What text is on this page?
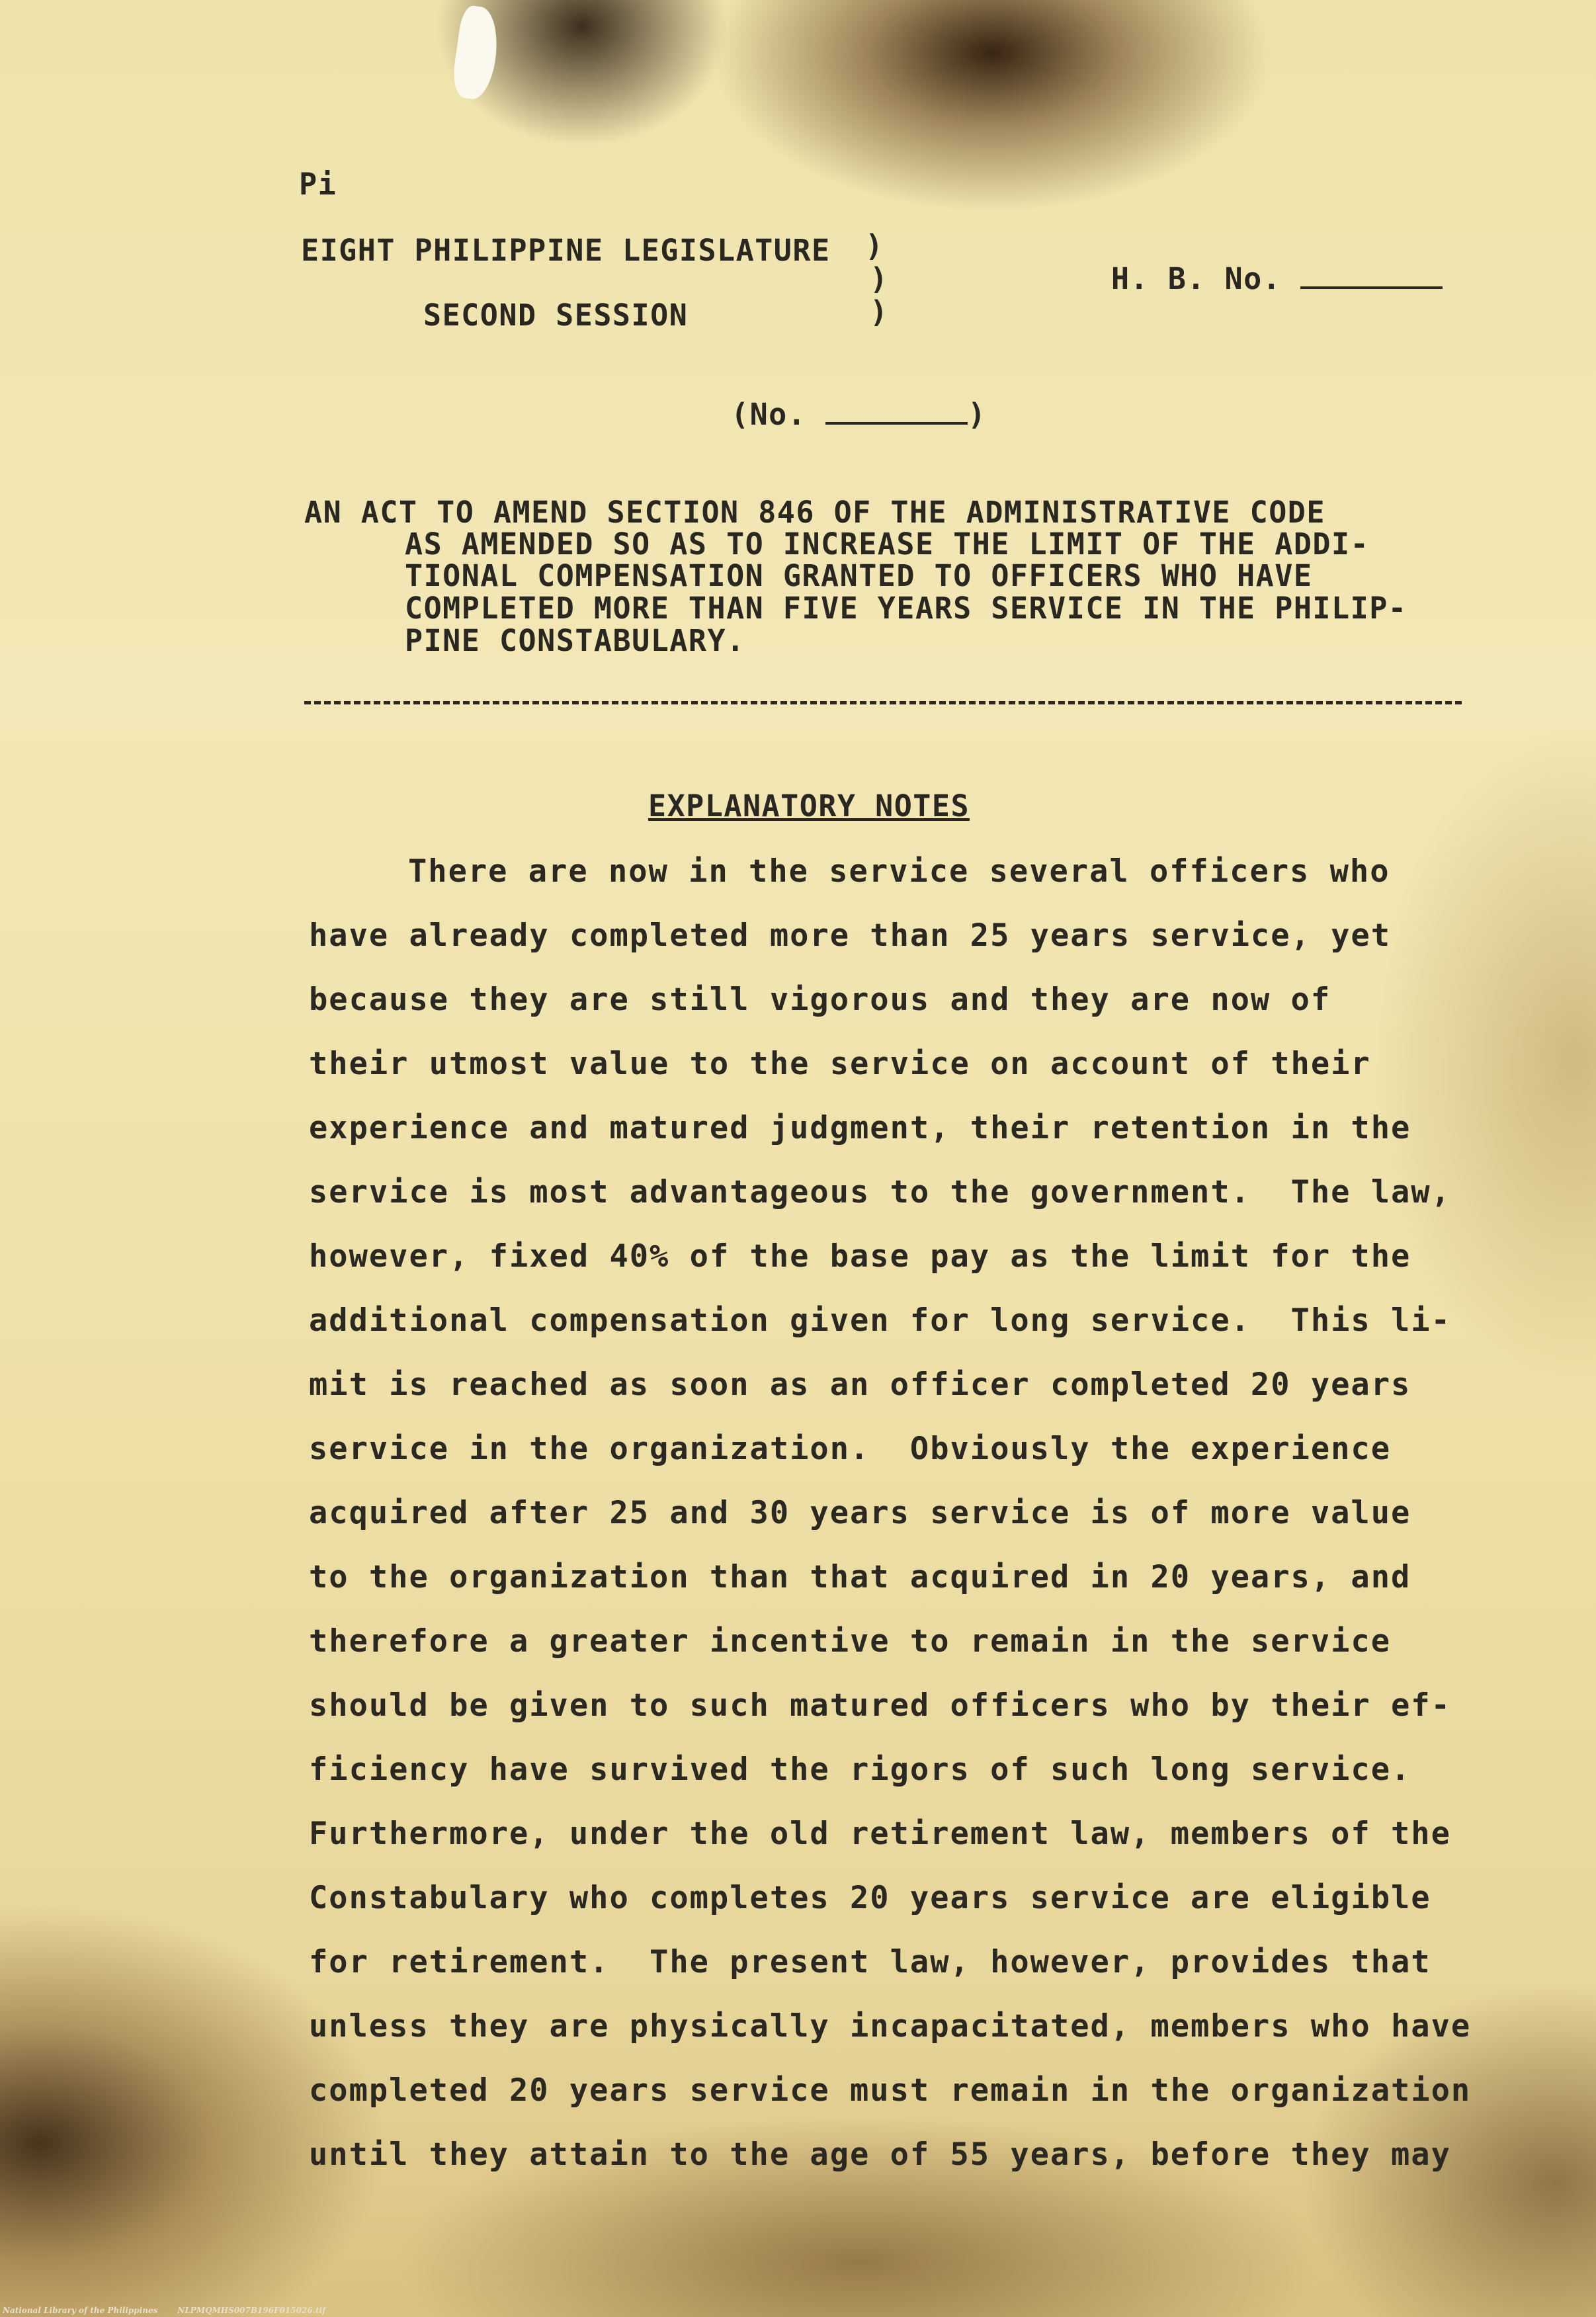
Pi
EIGHT PHILIPPINE LEGISLATURE )
)
)
SECOND SESSION
H. B. No.
(No.	)
AN ACT TO AMEND SECTION 846 OF THE ADMINISTRATIVE CODE
AS AMENDED SO AS TO INCREASE THE LIMIT OF THE ADDI-
TIONAL COMPENSATION GRANTED TO OFFICERS WHO HAVE
COMPLETED MORE THAN FIVE YEARS SERVICE IN THE PHILIP-
PINE CONSTABULARY.
EXPLANATORY NOTES
There are now in the service several officers who
have already completed more than 25 years service, yet
because they are still vigorous and they are now of
their utmost value to the service on account of their
experience and matured judgment, their retention in the
service is most advantageous to the government.  The law,
however, fixed 40% of the base pay as the limit for the
additional compensation given for long service.  This li-
mit is reached as soon as an officer completed 20 years
service in the organization.  Obviously the experience
acquired after 25 and 30 years service is of more value
to the organization than that acquired in 20 years, and
therefore a greater incentive to remain in the service
should be given to such matured officers who by their ef-
ficiency have survived the rigors of such long service.
Furthermore, under the old retirement law, members of the
Constabulary who completes 20 years service are eligible
for retirement.  The present law, however, provides that
unless they are physically incapacitated, members who have
completed 20 years service must remain in the organization
until they attain to the age of 55 years, before they may
National Library of the Philippines	NLPMQMHS007B196F015026.tif
